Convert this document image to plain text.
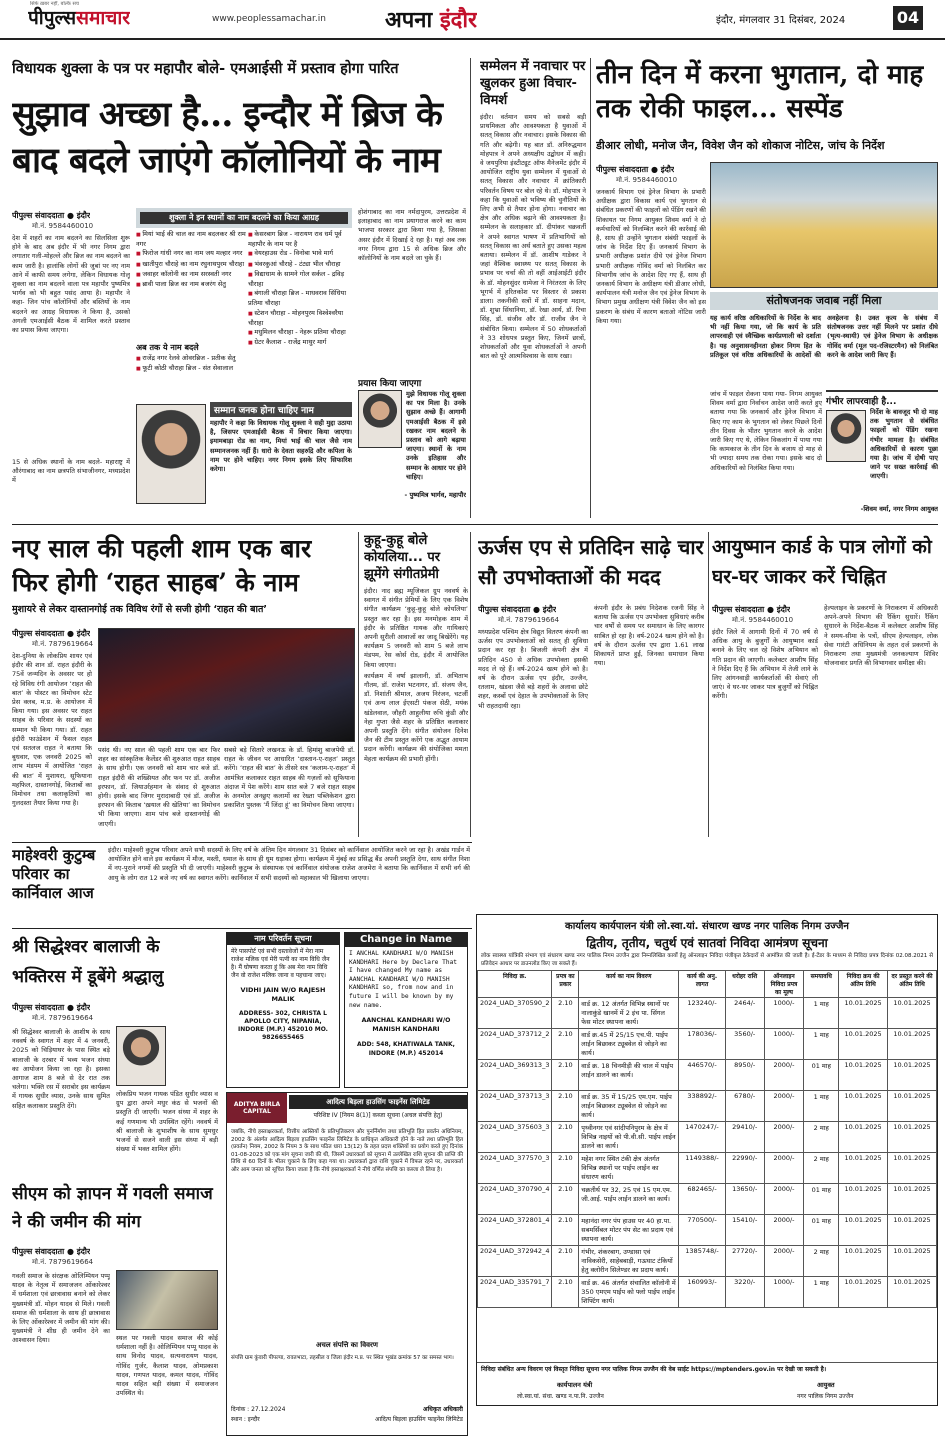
सिर्फ ख़बर नहीं, बल्कि सच
पीपुल्ससमाचार	www.peoplessamachar.in	अपना इंदौर	इंदौर, मंगलवार 31 दिसंबर, 2024	04
विधायक शुक्ला के पत्र पर महापौर बोले- एमआईसी में प्रस्ताव होगा पारित
सुझाव अच्छा है... इन्दौर में ब्रिज के बाद बदले जाएंगे कॉलोनियों के नाम
पीपुल्स संवाददाता ● इंदौर
मो.नं. 9584460010
देश में शहरों का नाम बदलने का सिलसिला शुरू होने के बाद अब इंदौर में भी नगर निगम द्वारा लगातार गली-मोहल्ले और ब्रिज का नाम बदलने का काम जारी है। हालांकि लोगों की जुबां पर नए नाम आने में काफी समय लगेगा, लेकिन विधायक गोलू शुक्ला का नाम बदलने वाला पत्र महापौर पुष्यमित्र भार्गव को भी बहुत पसंद आया है। महापौर ने कहा- जिन पांच कॉलोनियों और बस्तियों के नाम बदलने का आग्रह विधायक ने किया है, उसको अगली एमआईसी बैठक में शामिल करते प्रस्ताव का प्रयास किया जाएगा।
15 से अधिक स्थानों के नाम बदले- महाराष्ट्र में औरंगाबाद का नाम छत्रपति संभाजीनगर, मध्यप्रदेश में
शुक्ला ने इन स्थानों का नाम बदलने का किया आग्रह
■ मियां भाई की चाल का नाम बदलकर श्री राम नगर
■ फिरोज गांधी नगर का नाम जय मल्हार नगर
■ खातीपुरा चौराहे का नाम रघुनाथपुरम चौराहा
■ जवाहर कॉलोनी का नाम सरस्वती नगर
■ ब्रावी पाला ब्रिज का नाम बजरंग सेतु
अब तक ये नाम बदले
■ राजेंद्र नगर रेलवे ओवरब्रिज - प्रतीक सेतु
■ फूटी कोठी चौराहा ब्रिज - संत सेवालाल
■ केसरबाग ब्रिज - नारायण राव धर्म पूर्व महापौर के नाम पर है
■ वेयरहाउस रोड - विनोबा भावे मार्ग
■ भंवरकुआं चौराहे - टंट्या भील चौराहा
■ विद्याधाम के सामने गोल सर्कल - द्रविड़ चौराहा
■ बंगाली चौराहा ब्रिज - माधवराव सिंधिया प्रतिमा चौराहा
■ स्टेशन चौराहा - मोहनपुरम विश्वेश्वरैया चौराहा
■ मधुमिलन चौराहा - नेहरू प्रतिमा चौराहा
■ ग्रेटर कैलाश - राजेंद्र माथुर मार्ग
होशंगाबाद का नाम नर्मदापुरम, उत्तरप्रदेश में इलाहाबाद का नाम प्रयागराज करने का काम भाजपा सरकार द्वारा किया गया है, जिसका असर इंदौर में दिखाई दे रहा है। यहां अब तक नगर निगम द्वारा 15 से अधिक ब्रिज और कॉलोनियों के नाम बदले जा चुके हैं।
सम्मान जनक होना चाहिए नाम
महापौर ने कहा कि विधायक गोलू शुक्ला ने सही मुद्दा उठाया है, जिसपर एमआईसी बैठक में विचार किया जाएगा। इमामबाड़ा रोड का नाम, मियां भाई की चाल जैसे नाम सम्मानजनक नहीं हैं। धारो के देवता सहरुद्रि और कपिला के नाम पर होने चाहिए। नगर निगम इसके लिए सिफारिश करेगा।
प्रयास किया जाएगा
मुझे विधायक गोलू शुक्ला का पत्र मिला है। उनके सुझाव अच्छे हैं। आगामी एमआईसी बैठक में इसे रखकर नाम बदलने के प्रस्ताव को आगे बढ़ाया जाएगा। स्थानों के नाम उनके इतिहास और सम्मान के आधार पर होने चाहिए।
- पुष्यमित्र भार्गव, महापौर
सम्मेलन में नवाचार पर खुलकर हुआ विचार-विमर्श
इंदौर। वर्तमान समय को सबसे बड़ी प्राथमिकता और आवश्यकता है युवाओं में सतत् विकास और नवाचार। इसके विकास की गति और बढ़ेगी। यह बात डॉ. अनिरुद्धमान मोहपात्र ने अपने अध्यक्षीय उद्बोधन में कही। वे जयपुरिया इंस्टीट्यूट ऑफ मैनेजमेंट इंदौर में आयोजित राष्ट्रीय युवा सम्मेलन में युवाओं से सतत् विकास और नवाचार में क्रांतिकारी परिवर्तन विषय पर बोल रहे थे। डॉ. मोहपात्र ने कहा कि युवाओं को भविष्य की चुनौतियों के लिए अभी से तैयार होना होगा। नवाचार का क्षेत्र और अधिक बढ़ाने की आवश्यकता है। सम्मेलन के सलाहकार डॉ. दीपांकर चक्रवर्ती ने अपने स्वागत भाषण में प्रतिभागियों को सतत् विकास का अर्थ बताते हुए उसका महत्व बताया। सम्मेलन में डॉ. आशीष गाडेकर ने जहां वैश्विक स्वास्थ्य पर सतत् विकास के प्रभाव पर चर्चा की तो वहीं आईआईटी इंदौर के डॉ. मोहनसुंदर धामेजा ने निरंतरता के लिए भूगर्भ में हरितकोश पर विस्तार से प्रकाश डाला। तकनीकी सत्रों में डॉ. साहना मदान, डॉ. शुभ्रा सिंघानिया, डॉ. रेखा आर्य, डॉ. रिचा सिंह, डॉ. संजीव और डॉ. राजीव जैन ने संबोधित किया। सम्मेलन में 50 शोधकर्ताओं ने 33 शोधपत्र प्रस्तुत किए, जिनमें छात्रों, शोधकर्ताओं और युवा शोधकर्ताओं ने अपनी बात को पूरे आत्मविश्वास के साथ रखा।
तीन दिन में करना भुगतान, दो माह तक रोकी फाइल... सस्पेंड
डीआर लोधी, मनोज जैन, विवेश जैन को शोकाज नोटिस, जांच के निर्देश
पीपुल्स संवाददाता ● इंदौर
मो.नं. 9584460010
जनकार्य विभाग एवं ड्रेनेज विभाग के प्रभारी अधीक्षक द्वारा विकास कार्य एवं भुगतान से संबंधित प्रकरणों की फाइलों को पेंडिंग रखने की शिकायत पर निगम आयुक्त शिवम वर्मा ने दो कर्मचारियों को निलम्बित करने की कार्रवाई की है, साथ ही उन्होंने भुगतान संबंधी फाइलों के जांच के निर्देश दिए हैं। जनकार्य विभाग के प्रभारी अधीक्षक प्रशांत दीघे एवं ड्रेनेज विभाग प्रभारी अधीक्षक गोविंद वर्मा को निलंबित कर विभागीय जांच के आदेश दिए गए हैं, साथ ही जनकार्य विभाग के अधीक्षण यंत्री डीआर लोधी, कार्यपालन यंत्री मनोज जैन एवं ड्रेनेज विभाग के विभाग प्रमुख अधीक्षण यंत्री विवेश जैन को इस प्रकरण के संबंध में कारण बताओ नोटिस जारी किया गया।
संतोषजनक जवाब नहीं मिला
यह कार्य वरिष्ठ अधिकारियों के निर्देश के बाद भी नहीं किया गया, जो कि कार्य के प्रति लापरवाही एवं स्वैच्छिक कार्यप्रणाली को दर्शाता है। यह अनुशासनहीनता होकर निगम हित के प्रतिकूल एवं वरिष्ठ अधिकारियों के आदेशों की अवहेलना है। उक्त कृत्य के संबंध में संतोषजनक उत्तर नहीं मिलने पर प्रशांत दीघे (भृत्य-स्थायी) एवं ड्रेनेज विभाग के अधीक्षक गोविंद वर्मा (मूल पद-रजिस्टरमैन) को निलंबित करने के आदेश जारी किए हैं।
जांच में फाइल रोकना पाया गया- निगम आयुक्त शिवम वर्मा द्वारा निर्वाचन आदेश जारी करते हुए बताया गया कि जनकार्य और ड्रेनेज विभाग में किए गए काम के भुगतान को लेकर पिछले दिनों तीन दिवस के भीतर भुगतान करने के आदेश जारी किए गए थे, लेकिन विकलांग में पाया गया कि कामकाज के तीन दिन के बजाय दो माह से भी ज्यादा समय तक रोका गया। इसके बाद दो अधिकारियों को निलंबित किया गया।
गंभीर लापरवाही है...
निर्देश के बावजूद भी दो माह तक भुगतान से संबंधित फाइलों को पेंडिंग रखना गंभीर मामला है। संबंधित अधिकारियों से कारण पूछा गया है। जांच में दोषी पाए जाने पर सख्त कार्रवाई की जाएगी।
-शिवम वर्मा, नगर निगम आयुक्त
नए साल की पहली शाम एक बार फिर होगी ‘राहत साहब’ के नाम
मुशायरे से लेकर दास्तानगोई तक विविध रंगों से सजी होगी ‘राहत की बात’
पीपुल्स संवाददाता ● इंदौर
मो.नं. 7879619664
देश-दुनिया के लोकप्रिय शायर एवं इंदौर की शान डॉ. राहत इंदौरी के 75वें जन्मदिन के अवसर पर हो रहे विविध रंगी आयोजन ‘राहत की बात’ के पोस्टर का विमोचन स्टेट प्रेस क्लब, म.प्र. के आयोजन में किया गया। इस अवसर पर राहत साहब के परिवार के सदस्यों का सम्मान भी किया गया। डॉ. राहत इंदौरी फाउंडेशन में फैसल राहत एवं सतलज राहत ने बताया कि बुधवार, एक जनवरी 2025 को लाभ मंडपम में आयोजित ‘राहत की बात’ में मुशायरा, सूफियाना महफिल, दास्तानगोई, किताबों का विमोचन तथा कलाकृतियों का गुलदस्ता तैयार किया गया है।
पसंद थी। नए साल की पहली शाम एक बार फिर शहर का सांस्कृतिक कैलेंडर की शुरुआत राहत साहब के साथ होगी। एक जनवरी को शाम चार बजे डॉ. राहत इंदौरी की शख्सियत और फन पर डॉ. अजीज इरफान, डॉ. जियाउर्रहमान के संवाद से शुरुआत होगी। इसके बाद जिगर मुरादाबादी एवं डॉ. अजीज इरफान की किताब ‘ख़याल की खेतिया’ का विमोचन भी किया जाएगा। शाम पांच बजे दास्तानगोई की जाएगी।
सबसे बड़े सितारे लखनऊ के डॉ. हिमांशु बाजपेयी डॉ. राहत के जीवन पर आधारित ‘दास्तान-ए-राहत’ प्रस्तुत करेंगे। ‘राहत की बात’ के तीसरे सत्र ‘कलाम-ए-राहत’ में आमंत्रित कलाकार राहत साहब की गज़लों को सूफियाना अंदाज में पेश करेंगे। शाम सात बजे 7 बजे राहत साहब के अनमोल अनछुए कलामों का रेख्ता पब्लिकेशन द्वारा प्रकाशित पुस्तक ‘मैं जिंदा हूं’ का विमोचन किया जाएगा।
कुहू-कुहू बोले कोयलिया... पर झूमेंगे संगीतप्रेमी
इंदौर। नाद ब्रह्म म्यूजिकल ग्रुप नववर्ष के स्वागत में संगीत प्रेमियों के लिए एक विशेष संगीत कार्यक्रम ‘कुहू-कुहू बोले कोयलिया’ प्रस्तुत कर रहा है। इस मनमोहक शाम में इंदौर के प्रतिष्ठित गायक और गायिकाएं अपनी सुरीली आवाजों का जादू बिखेरेंगे। यह कार्यक्रम 5 जनवरी को शाम 5 बजे लाभ मंडपम, रेस कोर्स रोड, इंदौर में आयोजित किया जाएगा।
कार्यक्रम में वर्षा झालानी, डॉ. अभिताभ गौतम, डॉ. राजेश भटनागर, डॉ. संजय जैन, डॉ. निशांती श्रीमाल, अजय निरंजन, चटर्जी एवं अन्य लाल ईएसटी पंकज सेठी, मयंक खंडेलवाल, जौहरी आहुलीया रुचि कुंडी और नेहा गुप्ता जैसे शहर के प्रतिष्ठित कलाकार अपनी प्रस्तुति देंगे। संगीत संयोजन दिनेश जैन की टीम प्रस्तुत करेंगे एक अद्भुत आयाम प्रदान करेंगी। कार्यक्रम की संयोजिका ममता मेहता कार्यक्रम की प्रभारी होंगी।
ऊर्जस एप से प्रतिदिन साढ़े चार सौ उपभोक्ताओं की मदद
पीपुल्स संवाददाता ● इंदौर
मो.नं. 7879619664
मध्यप्रदेश पश्चिम क्षेत्र विद्युत वितरण कंपनी का ऊर्जस एप उपभोक्ताओं को सतत् ही सुविधा प्रदान कर रहा है। बिजली कंपनी क्षेत्र में प्रतिदिन 450 से अधिक उपभोक्ता इसकी मदद ले रहे हैं। वर्ष-2024 खत्म होने को है। वर्ष के दौरान ऊर्जस एप इंदौर, उज्जैन, रतलाम, खंडवा जैसे बड़े शहरों के अलावा छोटे शहर, कस्बों एवं देहात के उपभोक्ताओं के लिए भी राहतदायी रहा।
कंपनी इंदौर के प्रबंध निदेशक रजनी सिंह ने बताया कि ऊर्जस एप उपभोक्ता सुविधाएं करीब चार वर्षों से समय पर समाधान के लिए कारगर साबित हो रहा है। वर्ष-2024 खत्म होने को है। वर्ष के दौरान ऊर्जस एप द्वारा 1.61 लाख शिकायतें प्राप्त हुईं, जिनका समाधान किया गया।
आयुष्मान कार्ड के पात्र लोगों को घर-घर जाकर करें चिह्नित
पीपुल्स संवाददाता ● इंदौर
मो.नं. 9584460010
इंदौर जिले में आगामी दिनों में 70 वर्ष से अधिक आयु के बुजुर्गों के आयुष्मान कार्ड बनाने के लिए चल रहे विशेष अभियान को गति प्रदान की जाएगी। कलेक्टर आशीष सिंह ने निर्देश दिए हैं कि अभियान में तेजी लाने के लिए आंगनवाड़ी कार्यकर्ताओं की सेवाएं ली जाएं। वे घर-घर जाकर पात्र बुजुर्गों को चिह्नित करेंगी।
हेल्पलाइन के प्रकरणों के निराकरण में अधिकारी अपने-अपने विभाग की रैंकिंग सुधारें। रैंकिंग सुधारने के निर्देश-बैठक में कलेक्टर आशीष सिंह ने समय-सीमा के पत्रों, सीएम हेल्पलाइन, लोक सेवा गारंटी अधिनियम के तहत दर्ज प्रकरणों के निराकरण तथा मुख्यमंत्री जनकल्याण शिविर योजनावार प्रगति की विभागवार समीक्षा की।
माहेश्वरी कुटुम्ब परिवार का कार्निवाल आज
इंदौर। माहेश्वरी कुटुम्ब परिवार अपने सभी सदस्यों के लिए वर्ष के अंतिम दिन मंगलवार 31 दिसंबर को कार्निवाल आयोजित करने जा रहा है। अखंड गार्डन में आयोजित होने वाले इस कार्यक्रम में मौज, मस्ती, धमाल के साथ ही धूम धड़ाका होगा। कार्यक्रम में मुंबई का प्रसिद्ध बैंड अपनी प्रस्तुति देगा, साथ संगीत निशा में नए-पुराने नगमों की प्रस्तुति भी दी जाएगी। माहेश्वरी कुटुम्ब के संस्थापक एवं कार्निवाल संयोजक राजेश अजमेरा ने बताया कि कार्निवाल में सभी वर्ग की आयु के लोग रात 12 बजे नए वर्ष का स्वागत करेंगे। कार्निवाल में सभी सदस्यों को महाकाल भी खिलाया जाएगा।
श्री सिद्धेश्वर बालाजी के भक्तिरस में डूबेंगे श्रद्धालु
पीपुल्स संवाददाता ● इंदौर
मो.नं. 7879619664
श्री सिद्धेश्वर बालाजी के आशीष के साथ नववर्ष के स्वागत में शहर में 4 जनवरी, 2025 को चिड़ियाघर के पास स्थित बड़े बालाजी के दरबार में भव्य भजन संध्या का आयोजन किया जा रहा है। इसका आगाज शाम 8 बजे से देर रात तक चलेगा। भक्ति रस में सराबोर इस कार्यक्रम में गायक सुधीर व्यास, उनके साथ सुमित सहित कलाकार प्रस्तुति देंगे।
लोकप्रिय भजन गायक पंडित सुधीर व्यास व ग्रुप द्वारा अपने मधुर कंठ से भजनों की प्रस्तुति दी जाएगी। भजन संध्या में शहर के कई गणमान्य भी उपस्थित रहेंगे। नववर्ष में श्री बालाजी के शुभाशीष के साथ सुमधुर भजनों से सजने वाली इस संध्या में बड़ी संख्या में भक्त शामिल होंगे।
सीएम को ज्ञापन में गवली समाज ने की जमीन की मांग
पीपुल्स संवाददाता ● इंदौर
मो.नं. 7879619664
गवली समाज के संरक्षक ओलिम्पियन पप्पू यादव के नेतृत्व में समाजजन ओंकारेश्वर में धर्मशाला एवं छात्रावास बनाने को लेकर मुख्यमंत्री डॉ. मोहन यादव से मिले। गवली समाज की धर्मशाला के साथ ही छात्रावास के लिए ओंकारेश्वर में जमीन की मांग की। मुख्यमंत्री ने शीघ्र ही जमीन देने का आश्वासन दिया।	स्थल पर गवली यादव समाज की कोई धर्मशाला नहीं है। ओलिम्पियन पप्पू यादव के साथ विनोद यादव, सत्यनारायण यादव, गोविंद गुर्जर, कैलाश यादव, ओमप्रकाश यादव, गणपत यादव, कमल यादव, गोविंद यादव सहित बड़ी संख्या में समाजजन उपस्थित थे।
नाम परिवर्तन सूचना
मेरे पासपोर्ट एवं सभी दस्तावेजों में मेरा नाम राजेश मलिक एवं मेरी पत्नी का नाम विधि जैन है। मैं घोषणा करता हूं कि अब मेरा नाम विधि जैन वो राजेश मलिक जाना व पहचाना जाए।
VIDHI JAIN W/O RAJESH MALIK
ADDRESS- 302, CHRISTA L APOLLO CITY, NIPANIA, INDORE (M.P.) 452010 MO. 9826655465
Change in Name
I ANCHAL KANDHARI W/O MANISH KANDHARI Here by Declare That I have changed My name as AANCHAL KANDHARI W/O MANISH KANDHARI so, from now and in future I will be known by my new name.
AANCHAL KANDHARI W/O MANISH KANDHARI
ADD: 548, KHATIWALA TANK, INDORE (M.P.) 452014
ADITYA BIRLA CAPITAL
आदित्य बिड़ला हाउसिंग फाइनेंस लिमिटेड
परिशिष्ट IV [नियम 8(1)] कब्जा सूचना (अचल संपत्ति हेतु)
जबकि, नीचे हस्ताक्षरकर्ता, वित्तीय आस्तियों के प्रतिभूतिकरण और पुनर्निर्माण तथा प्रतिभूति हित प्रवर्तन अधिनियम, 2002 के अंतर्गत आदित्य बिड़ला हाउसिंग फाइनेंस लिमिटेड के प्राधिकृत अधिकारी होने के नाते तथा प्रतिभूति हित (प्रवर्तन) नियम, 2002 के नियम 3 के साथ पठित धारा 13(12) के तहत प्रदत्त शक्तियों का प्रयोग करते हुए दिनांक 01-08-2023 को एक मांग सूचना जारी की थी, जिसमें उधारकर्ता को सूचना में उल्लेखित राशि सूचना की प्राप्ति की तिथि से 60 दिनों के भीतर चुकाने के लिए कहा गया था। उधारकर्ता द्वारा राशि चुकाने में विफल रहने पर, उधारकर्ता और आम जनता को सूचित किया जाता है कि नीचे हस्ताक्षरकर्ता ने नीचे वर्णित संपत्ति का कब्जा ले लिया है।
अचल संपत्ति का विवरण
संपत्ति ग्राम कुंवारी पीपल्या, रावतभाटा, तहसील व जिला इंदौर म.प्र. पर स्थित भूखंड क्रमांक 57 का समस्त भाग।
दिनांक : 27.12.2024
स्थान : इन्दौर
अधिकृत अधिकारी
आदित्य बिड़ला हाउसिंग फाइनेंस लिमिटेड
कार्यालय कार्यपालन यंत्री लो.स्वा.यां. संधारण खण्ड नगर पालिक निगम उज्जैन
द्वितीय, तृतीय, चतुर्थ एवं सातवां निविदा आमंत्रण सूचना
लोक स्वास्थ्य यांत्रिकी संभाग एवं संधारण खण्ड नगर पालिक निगम उज्जैन द्वारा निम्नलिखित कार्यों हेतु ऑनलाइन निविदा पंजीकृत ठेकेदारों से आमंत्रित की जाती है। ई-टेंडर के माध्यम से निविदा प्रपत्र दिनांक 02.08.2021 से प्रतिवेदन आधार पर डाउनलोड किए जा सकते हैं।
निविदा क्र.	प्रपत्र का प्रकार	कार्य का नाम विवरण	कार्य की अनु. लागत	धरोहर राशि	ऑनलाइन निविदा प्रपत्र का मूल्य	समयावधि	निविदा क्रय की अंतिम तिथि	दर प्रस्तुत करने की अंतिम तिथि
2024_UAD_370590_2	2.10	वार्ड क्र. 12 अंतर्गत विभिन्न स्थानों पर नालाकुंडे खानमें में 2 इंच पा. सिंगल फेस मोटर स्थापना कार्य।	123240/-	2464/-	1000/-	1 माह	10.01.2025	10.01.2025
2024_UAD_373712_2	2.10	वार्ड क्र.45 में 25/15 एच.पी. पाईप लाईन बिछाकर ट्यूबवेल से जोड़ने का कार्य।	178036/-	3560/-	1000/-	1 माह	10.01.2025	10.01.2025
2024_UAD_369313_3	2.10	वार्ड क्र. 18 चिनमीड़ी की चाल में पाईप लाईन डालने का कार्य।	446570/-	8950/-	2000/-	01 माह	10.01.2025	10.01.2025
2024_UAD_373713_3	2.10	वार्ड क्र. 35 में 15/25 एम.एम. पाईप लाईन बिछाकर ट्यूबवेल से जोड़ने का कार्य।	338892/-	6780/-	2000/-	1 माह	10.01.2025	10.01.2025
2024_UAD_375603_3	2.10	पृथ्वीनगर एवं सांदीपनिपुरम के क्षेत्र में विभिन्न नाइयों को पी.वी.सी. पाईप लाईन डालने का कार्य।	1470247/-	29410/-	2000/-	2 माह	10.01.2025	10.01.2025
2024_UAD_377570_3	2.10	महेश नगर स्थित टंकी क्षेत्र अंतर्गत विभिन्न स्थानों पर पाईप लाईन का संधारण कार्य।	1149388/-	22990/-	2000/-	2 माह	10.01.2025	10.01.2025
2024_UAD_370790_4	2.10	चक्रतीर्थ पर 32, 25 एवं 15 एम.एम. जी.आई. पाईप लाईन डालने का कार्य।	682465/-	13650/-	2000/-	01 माह	10.01.2025	10.01.2025
2024_UAD_372801_4	2.10	महानंदा नगर पंप हाउस पर 40 हा.पा. सबमर्सिबल मोटर पंप सेट का प्रदाय एवं स्थापना कार्य।	770500/-	15410/-	2000/-	01 माह	10.01.2025	10.01.2025
2024_UAD_372942_4	2.10	गंभीर, शंकरबाग, उण्डासा एवं नाविकसेरी, साहेबबाड़ी, गऊघाट टंकियों हेतु क्लोरीन सिलेण्डर का प्रदाय कार्य।	1385748/-	27720/-	2000/-	2 माह	10.01.2025	10.01.2025
2024_UAD_335791_7	2.10	वार्ड क्र. 46 अंतर्गत संचालित कॉलोनी में 350 एमएम पाईप को फ्लो पाईप लाईन शिफ्टिंग कार्य।	160993/-	3220/-	1000/-	1 माह	10.01.2025	10.01.2025
निविदा संबंधित अन्य विवरण एवं विस्तृत निविदा सूचना नगर पालिक निगम उज्जैन की वेब साईट https://mptenders.gov.in पर देखी जा सकती है।
कार्यपालन यंत्री
लो.स्वा.यां. संधा. खण्ड न.पा.नि. उज्जैन
आयुक्त
नगर पालिक निगम उज्जैन
